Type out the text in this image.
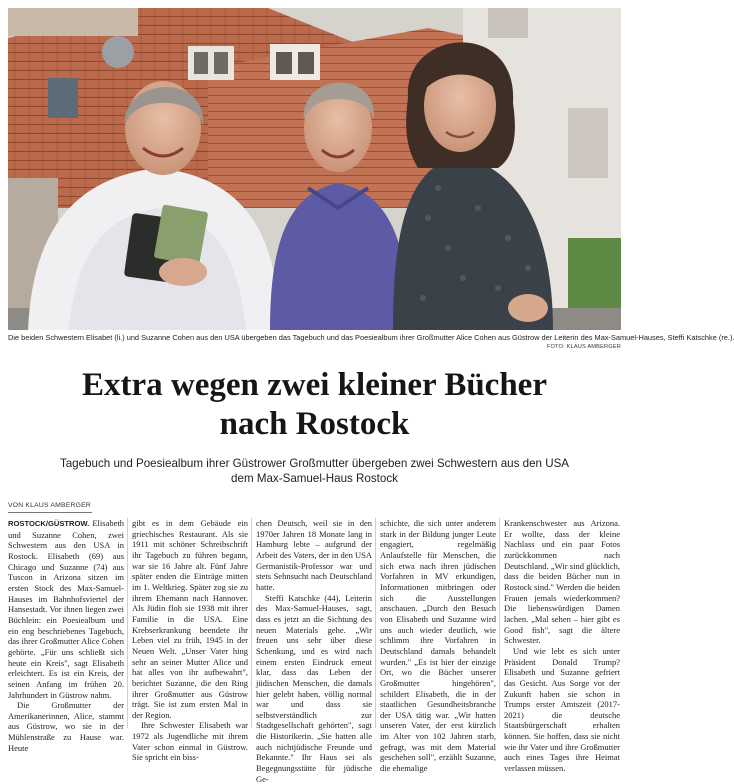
Die beiden Schwestern Elisabet (li.) und Suzanne Cohen aus den USA übergeben das Tagebuch und das Poesiealbum ihrer Großmutter Alice Cohen aus Güstrow der Leiterin des Max-Samuel-Hauses, Steffi Katschke (re.).
FOTO: KLAUS AMBERGER
Extra wegen zwei kleiner Bücher
nach Rostock
Tagebuch und Poesiealbum ihrer Güstrower Großmutter übergeben zwei Schwestern aus den USA
dem Max-Samuel-Haus Rostock
VON KLAUS AMBERGER

ROSTOCK/GÜSTROW. Elisabeth und Suzanne Cohen, zwei Schwestern aus den USA in Rostock. Elisabeth (69) aus Chicago und Suzanne (74) aus Tuscon in Arizona sitzen im ersten Stock des Max-Samuel-Hauses im Bahnhofsviertel der Hansestadt. Vor ihnen liegen zwei Büchlein: ein Poesiealbum und ein eng beschriebenes Tagebuch, das ihrer Großmutter Alice Cohen gehörte. „Für uns schließt sich heute ein Kreis", sagt Elisabeth erleichtert. Es ist ein Kreis, der seinen Anfang im frühen 20. Jahrhundert in Güstrow nahm.

Die Großmutter der Amerikanerinnen, Alice, stammt aus Güstrow, wo sie in der Mühlenstraße zu Hause war. Heute

gibt es in dem Gebäude ein griechisches Restaurant. Als sie 1911 mit schöner Schreibschrift ihr Tagebuch zu führen begann, war sie 16 Jahre alt. Fünf Jahre später enden die Einträge mitten im 1. Weltkrieg. Später zog sie zu ihrem Ehemann nach Hannover. Als Jüdin floh sie 1938 mit ihrer Familie in die USA. Eine Krebserkrankung beendete ihr Leben viel zu früh, 1945 in der Neuen Welt. „Unser Vater hing sehr an seiner Mutter Alice und hat alles von ihr aufbewahrt", berichtet Suzanne, die den Ring ihrer Großmutter aus Güstrow trägt. Sie ist zum ersten Mal in der Region.

Ihre Schwester Elisabeth war 1972 als Jugendliche mit ihrem Vater schon einmal in Güstrow. Sie spricht ein biss-

chen Deutsch, weil sie in den 1970er Jahren 18 Monate lang in Hamburg lebte – aufgrund der Arbeit des Vaters, der in den USA Germanistik-Professor war und stets Sehnsucht nach Deutschland hatte.

Steffi Katschke (44), Leiterin des Max-Samuel-Hauses, sagt, dass es jetzt an die Sichtung des neuen Materials gehe. „Wir freuen uns sehr über diese Schenkung, und es wird nach einem ersten Eindruck emeut klar, dass das Leben der jüdischen Menschen, die damals hier gelebt haben, völlig normal war und dass sie selbstverständlich zur Stadtgesellschaft gehörten", sagt die Historikerin. „Sie hatten alle auch nichtjüdische Freunde und Bekannte." Ihr Haus sei als Begegnungsstätte für jüdische Ge-

schichte, die sich unter anderem stark in der Bildung junger Leute engagiert, regelmäßig Anlaufstelle für Menschen, die sich etwa nach ihren jüdischen Vorfahren in MV erkundigen, Informationen mitbringen oder sich die Ausstellungen anschauen. „Durch den Besuch von Elisabeth und Suzanne wird uns auch wieder deutlich, wie schlimm ihre Vorfahren in Deutschland damals behandelt wurden." „Es ist hier der einzige Ort, wo die Bücher unserer Großmutter hingehören", schildert Elisabeth, die in der staatlichen Gesundheitsbranche der USA tätig war. „Wir hatten unseren Vater, der erst kürzlich im Alter von 102 Jahren starb, gefragt, was mit dem Material geschehen soll", erzählt Suzanne, die ehemalige

Krankenschwester aus Arizona. Er wollte, dass der kleine Nachlass und ein paar Fotos zurückkommen nach Deutschland. „Wir sind glücklich, dass die beiden Bücher nun in Rostock sind." Werden die beiden Frauen jemals wiederkommen? Die liebenswürdigen Damen lachen. „Mal sehen – hier gibt es Good fish", sagt die ältere Schwester.

Und wie lebt es sich unter Präsident Donald Trump? Elisabeth und Suzanne gefriert das Gesicht. Aus Sorge vor der Zukunft haben sie schon in Trumps erster Amtszeit (2017-2021) die deutsche Staatsbürgerschaft erhalten können. Sie hoffen, dass sie nicht wie ihr Vater und ihre Großmutter auch eines Tages ihre Heimat verlassen müssen.
